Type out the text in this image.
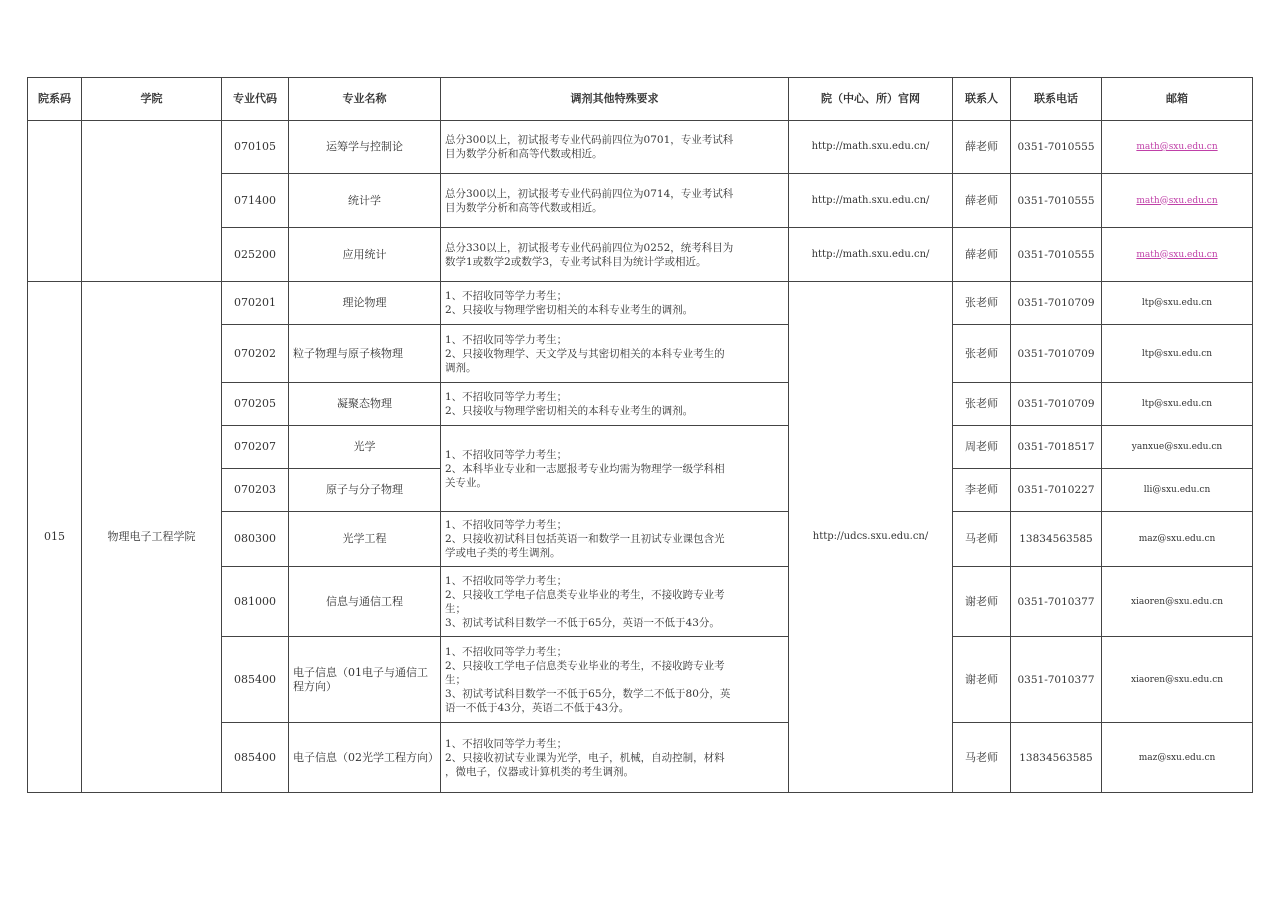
院系码	学院	专业代码	专业名称	调剂其他特殊要求	院（中心、所）官网	联系人	联系电话	邮箱
		070105	运筹学与控制论	总分300以上，初试报考专业代码前四位为0701，专业考试科
目为数学分析和高等代数或相近。	http://math.sxu.edu.cn/	薛老师	0351-7010555	math@sxu.edu.cn
		071400	统计学	总分300以上，初试报考专业代码前四位为0714，专业考试科
目为数学分析和高等代数或相近。	http://math.sxu.edu.cn/	薛老师	0351-7010555	math@sxu.edu.cn
		025200	应用统计	总分330以上，初试报考专业代码前四位为0252，统考科目为
数学1或数学2或数学3，专业考试科目为统计学或相近。	http://math.sxu.edu.cn/	薛老师	0351-7010555	math@sxu.edu.cn
015	物理电子工程学院	070201	理论物理	1、不招收同等学力考生；
2、只接收与物理学密切相关的本科专业考生的调剂。	http://udcs.sxu.edu.cn/	张老师	0351-7010709	ltp@sxu.edu.cn
		070202	粒子物理与原子核物理	1、不招收同等学力考生；
2、只接收物理学、天文学及与其密切相关的本科专业考生的
调剂。		张老师	0351-7010709	ltp@sxu.edu.cn
		070205	凝聚态物理	1、不招收同等学力考生；
2、只接收与物理学密切相关的本科专业考生的调剂。		张老师	0351-7010709	ltp@sxu.edu.cn
		070207	光学	1、不招收同等学力考生；
2、本科毕业专业和一志愿报考专业均需为物理学一级学科相
关专业。		周老师	0351-7018517	yanxue@sxu.edu.cn
		070203	原子与分子物理			李老师	0351-7010227	lli@sxu.edu.cn
		080300	光学工程	1、不招收同等学力考生；
2、只接收初试科目包括英语一和数学一且初试专业课包含光
学或电子类的考生调剂。		马老师	13834563585	maz@sxu.edu.cn
		081000	信息与通信工程	1、不招收同等学力考生；
2、只接收工学电子信息类专业毕业的考生，不接收跨专业考
生；
3、初试考试科目数学一不低于65分，英语一不低于43分。		谢老师	0351-7010377	xiaoren@sxu.edu.cn
		085400	电子信息（01电子与通信工程方向）	1、不招收同等学力考生；
2、只接收工学电子信息类专业毕业的考生，不接收跨专业考
生；
3、初试考试科目数学一不低于65分，数学二不低于80分，英
语一不低于43分，英语二不低于43分。		谢老师	0351-7010377	xiaoren@sxu.edu.cn
		085400	电子信息（02光学工程方向）	1、不招收同等学力考生；
2、只接收初试专业课为光学，电子，机械，自动控制，材料
，微电子，仪器或计算机类的考生调剂。		马老师	13834563585	maz@sxu.edu.cn
